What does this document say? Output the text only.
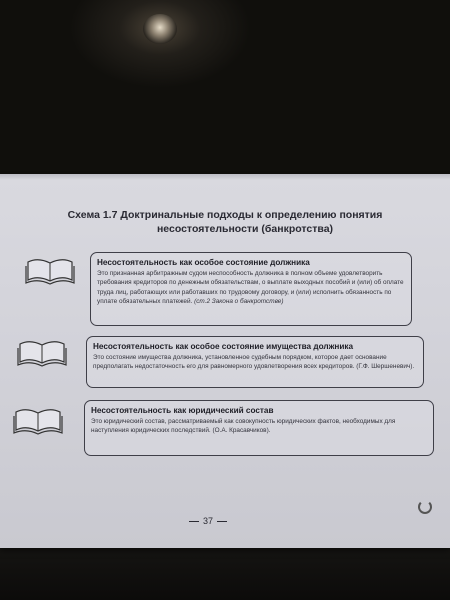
Схема 1.7 Доктринальные подходы к определению понятия
несостоятельности (банкротства)
Несостоятельность как особое состояние должника
Это признанная арбитражным судом неспособность должника в полном объеме удовлетворить требования кредиторов по денежным обязательствам, о выплате выходных пособий и (или) об оплате труда лиц, работающих или работавших по трудовому договору, и (или) исполнить обязанность по уплате обязательных платежей. (ст.2 Закона о банкротстве)
Несостоятельность как особое состояние имущества должника
Это состояние имущества должника, установленное судебным порядком, которое дает основание предполагать недостаточность его для равномерного удовлетворения всех кредиторов. (Г.Ф. Шершеневич).
Несостоятельность как юридический состав
Это юридический состав, рассматриваемый как совокупность юридических фактов, необходимых для наступления юридических последствий. (О.А. Красавчиков).
37
